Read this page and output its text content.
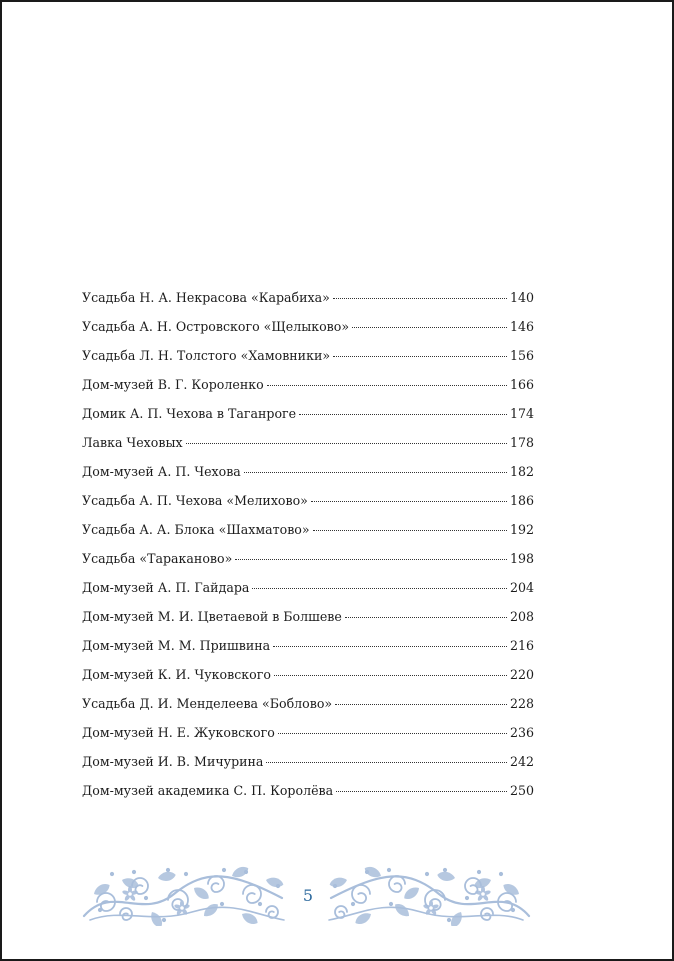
Усадьба Н. А. Некрасова «Карабиха»	140
Усадьба А. Н. Островского «Щелыково»	146
Усадьба Л. Н. Толстого «Хамовники»	156
Дом-музей В. Г. Короленко	166
Домик А. П. Чехова в Таганроге	174
Лавка Чеховых	178
Дом-музей А. П. Чехова	182
Усадьба А. П. Чехова «Мелихово»	186
Усадьба А. А. Блока «Шахматово»	192
Усадьба «Тараканово»	198
Дом-музей А. П. Гайдара	204
Дом-музей М. И. Цветаевой в Болшеве	208
Дом-музей М. М. Пришвина	216
Дом-музей К. И. Чуковского	220
Усадьба Д. И. Менделеева «Боблово»	228
Дом-музей Н. Е. Жуковского	236
Дом-музей И. В. Мичурина	242
Дом-музей академика С. П. Королёва	250
5
